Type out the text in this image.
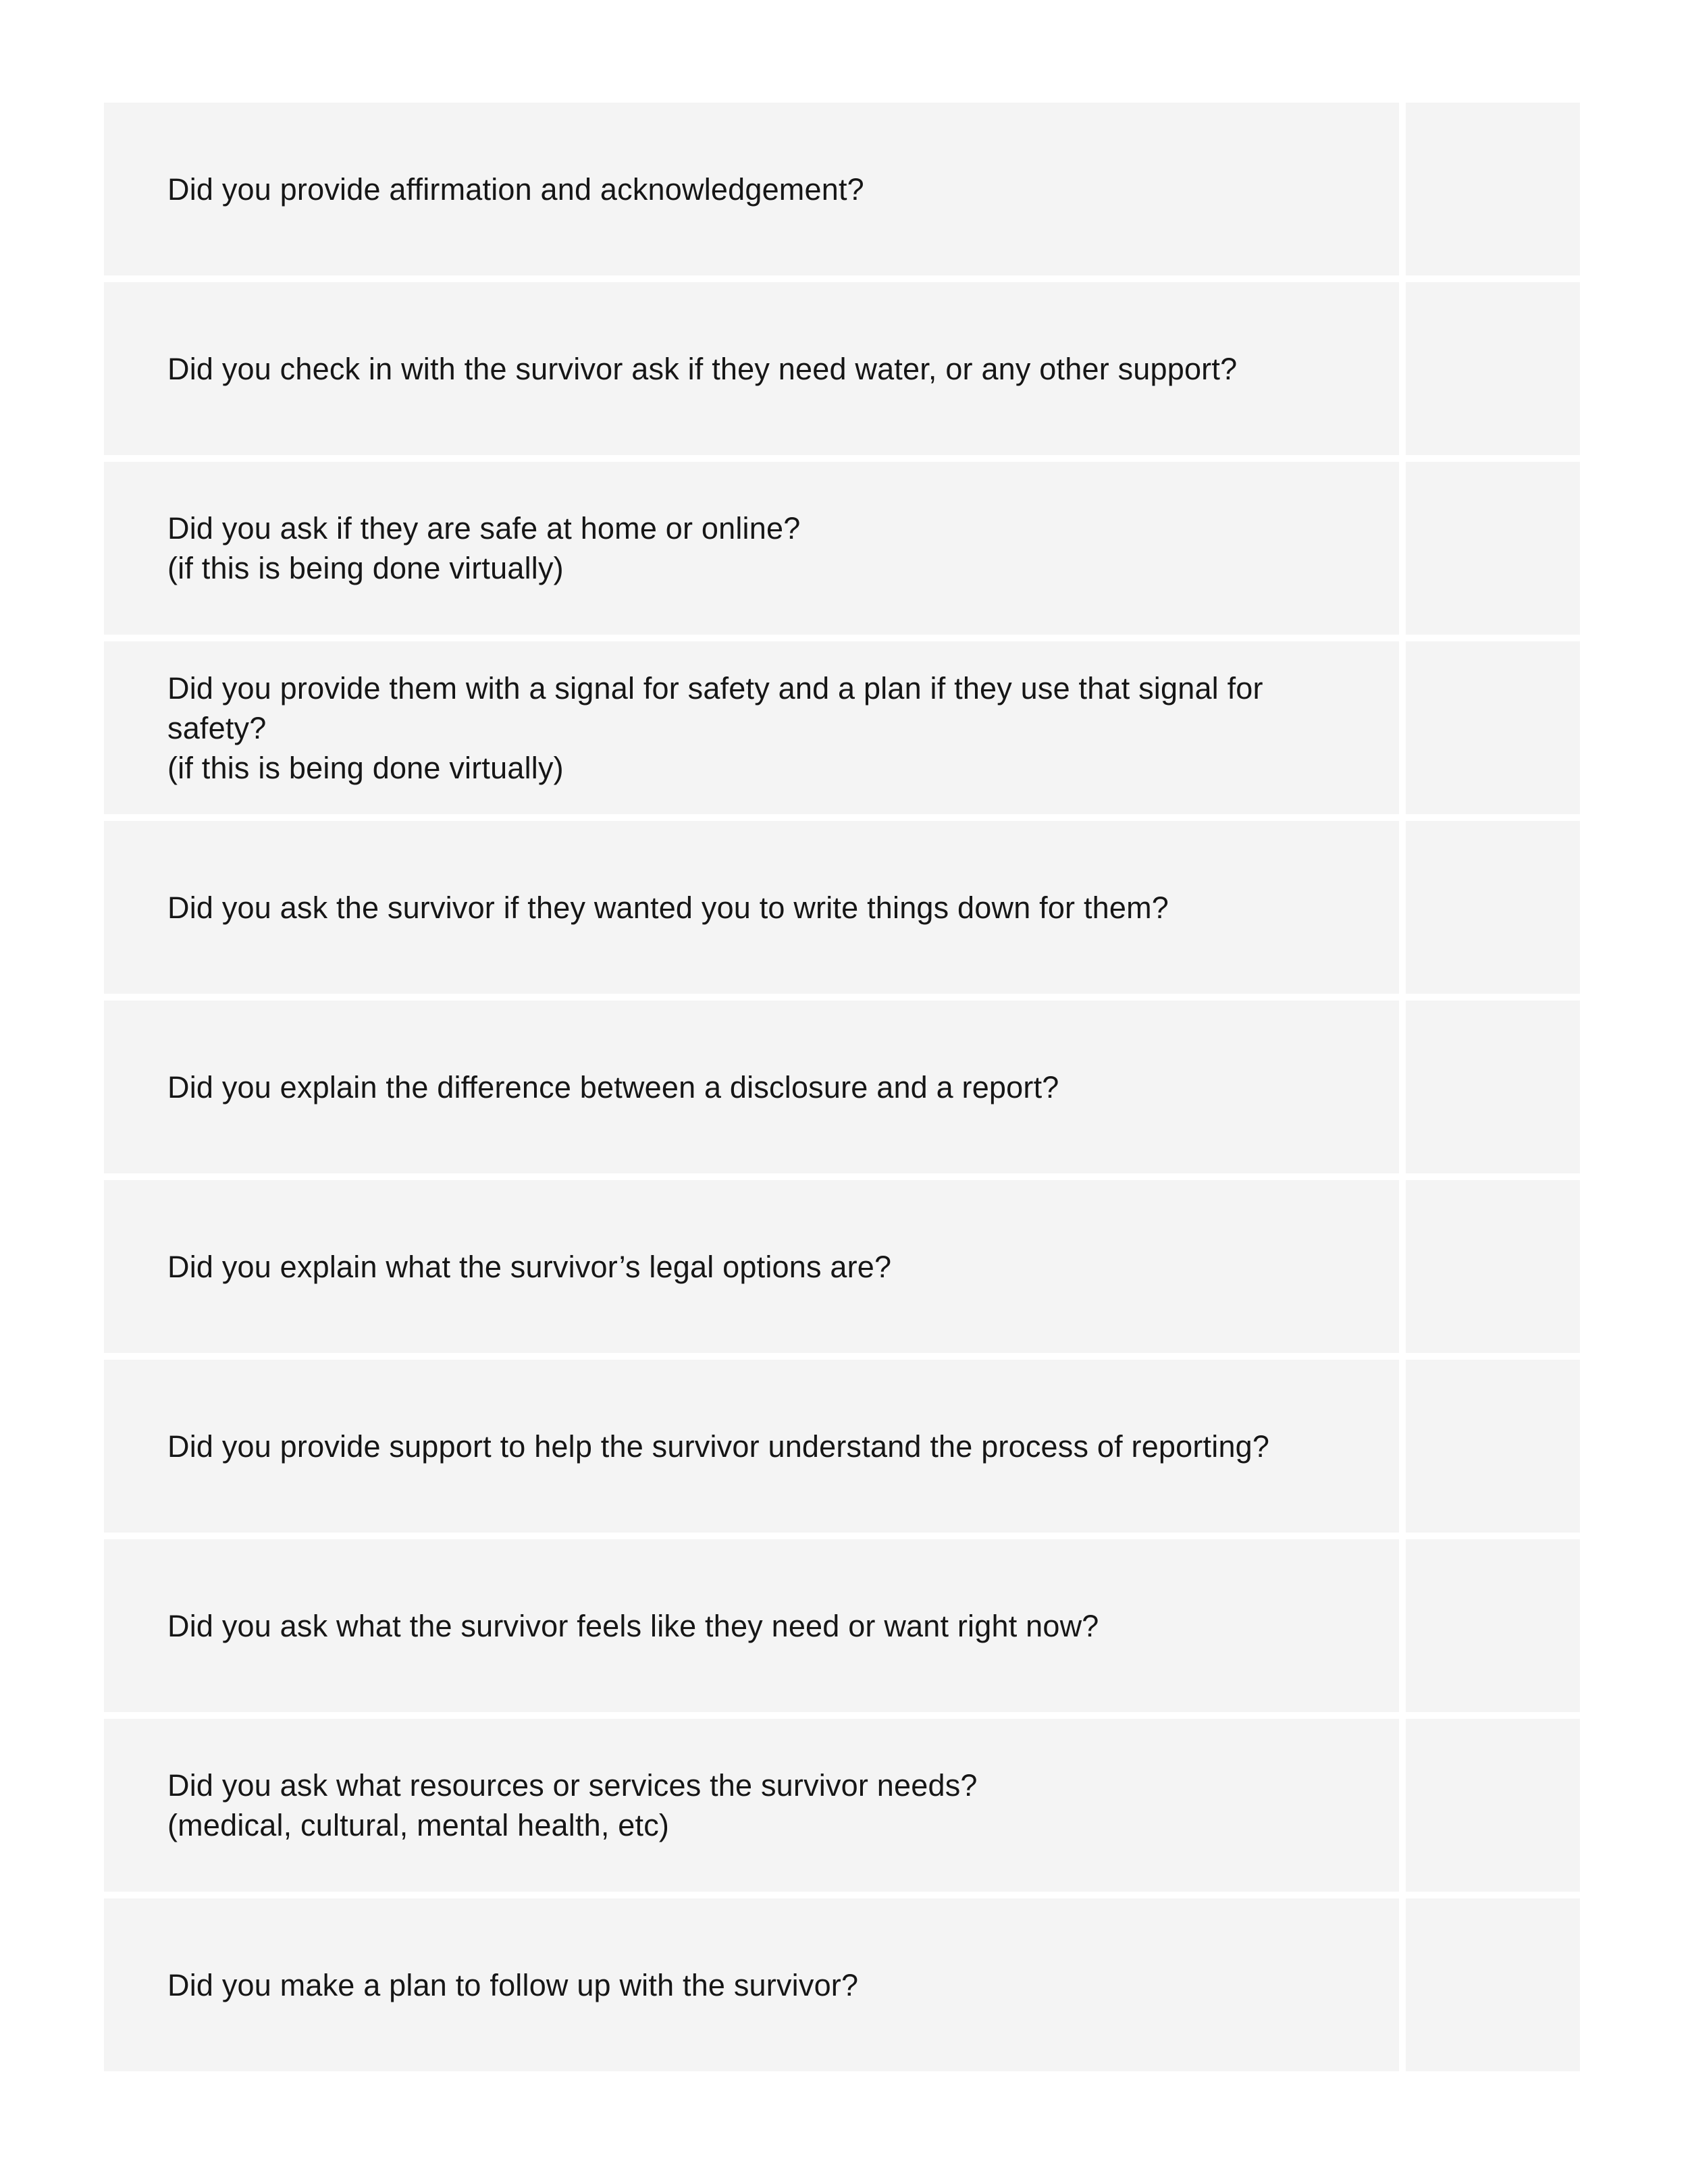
Did you provide affirmation and acknowledgement?
Did you check in with the survivor ask if they need water, or any other support?
Did you ask if they are safe at home or online?
(if this is being done virtually)
Did you provide them with a signal for safety and a plan if they use that signal for safety?
(if this is being done virtually)
Did you ask the survivor if they wanted you to write things down for them?
Did you explain the difference between a disclosure and a report?
Did you explain what the survivor’s legal options are?
Did you provide support to help the survivor understand the process of reporting?
Did you ask what the survivor feels like they need or want right now?
Did you ask what resources or services the survivor needs?
(medical, cultural, mental health, etc)
Did you make a plan to follow up with the survivor?
